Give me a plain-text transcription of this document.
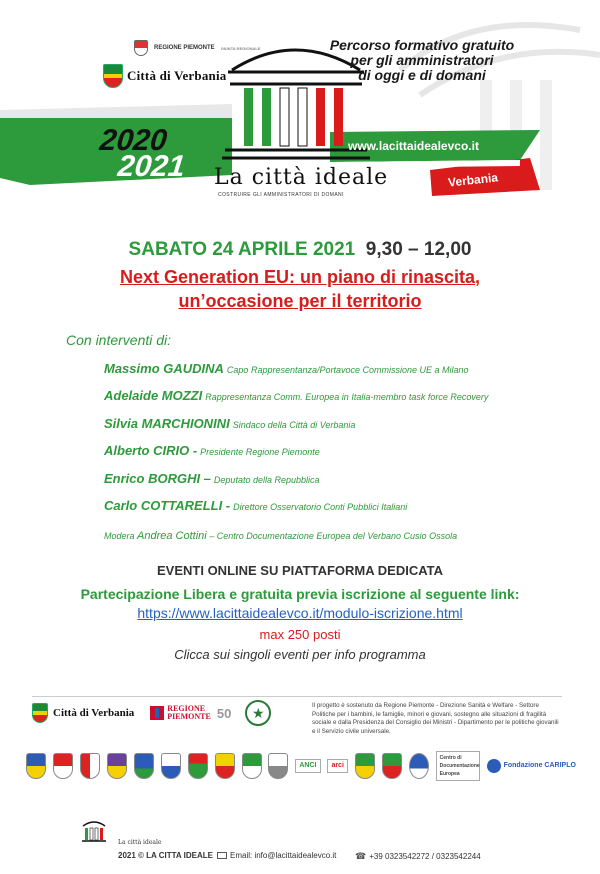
REGIONE PIEMONTE GIUNTA REGIONALE
Città di Verbania
Percorso formativo gratuito
per gli amministratori
di oggi e di domani
2020
2021
www.lacittaidealevco.it
Verbania
La città ideale
COSTRUIRE GLI AMMINISTRATORI DI DOMANI
SABATO 24 APRILE 2021 9,30 – 12,00
Next Generation EU: un piano di rinascita,
un’occasione per il territorio
Con interventi di:
Massimo GAUDINA Capo Rappresentanza/Portavoce Commissione UE a Milano
Adelaide MOZZI Rappresentanza Comm. Europea in Italia-membro task force Recovery
Silvia MARCHIONINI Sindaco della Città di Verbania
Alberto CIRIO - Presidente Regione Piemonte
Enrico BORGHI – Deputato della Repubblica
Carlo COTTARELLI - Direttore Osservatorio Conti Pubblici Italiani
Modera Andrea Cottini – Centro Documentazione Europea del Verbano Cusio Ossola
EVENTI ONLINE SU PIATTAFORMA DEDICATA
Partecipazione Libera e gratuita previa iscrizione al seguente link:
https://www.lacittaidealevco.it/modulo-iscrizione.html
max 250 posti
Clicca sui singoli eventi per info programma
Città di Verbania	REGIONE
PIEMONTE 50	★	Il progetto è sostenuto da Regione Piemonte - Direzione Sanità e Welfare - Settore Politiche per i bambini, le famiglie, minori e giovani, sostegno alle situazioni di fragilità sociale e dalla Presidenza del Consiglio dei Ministri - Dipartimento per le politiche giovanili e il Servizio civile universale.
ANCI	arci
Centro di Documentazione Europea
Fondazione CARIPLO
La città ideale
2021 © LA CITTA IDEALE Email: info@lacittaidealevco.it ☎ +39 0323542272 / 0323542244
